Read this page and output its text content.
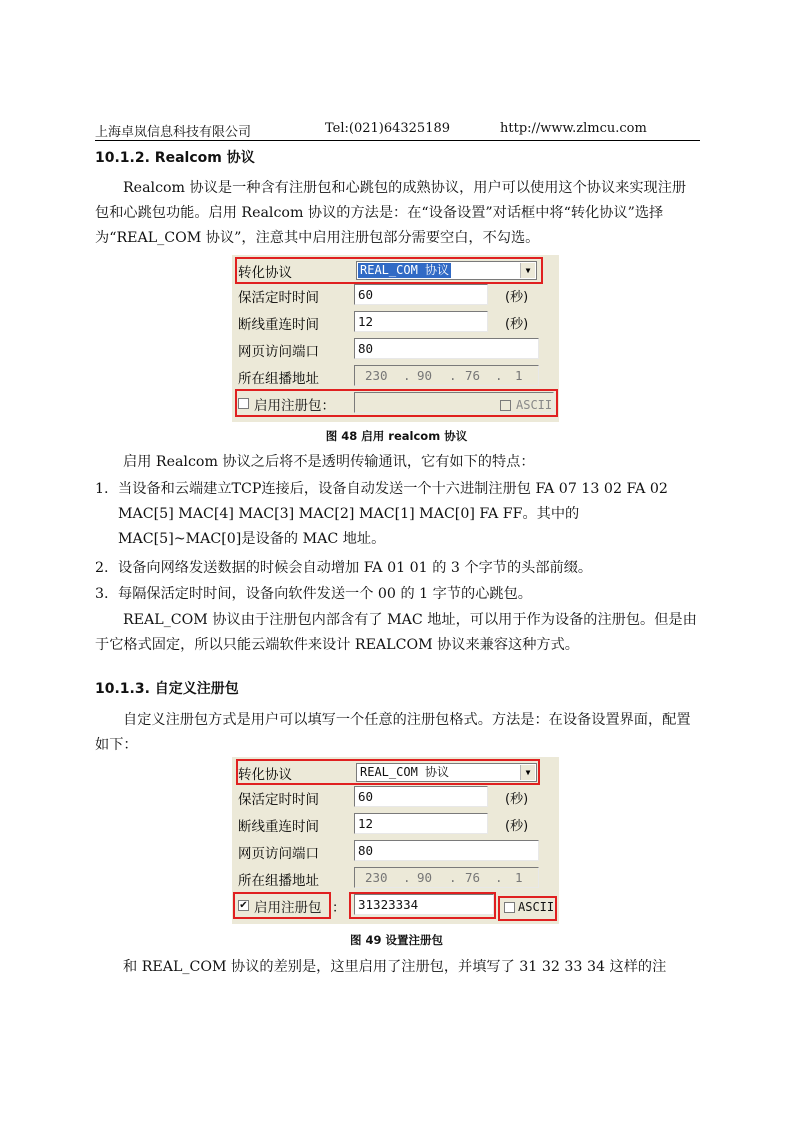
上海卓岚信息科技有限公司	Tel:(021)64325189	http://www.zlmcu.com
10.1.2. Realcom 协议
Realcom 协议是一种含有注册包和心跳包的成熟协议，用户可以使用这个协议来实现注册包和心跳包功能。启用 Realcom 协议的方法是：在“设备设置”对话框中将“转化协议”选择为“REAL_COM 协议”，注意其中启用注册包部分需要空白，不勾选。
转化协议	REAL_COM 协议	▼
保活定时时间	60	(秒)
断线重连时间	12	(秒)
网页访问端口	80
所在组播地址	230 . 90 . 76 . 1
启用注册包：	ASCII
图 48 启用 realcom 协议
启用 Realcom 协议之后将不是透明传输通讯，它有如下的特点：
1. 当设备和云端建立TCP连接后，设备自动发送一个十六进制注册包 FA 07 13 02 FA 02 MAC[5] MAC[4] MAC[3] MAC[2] MAC[1] MAC[0] FA FF。其中的 MAC[5]~MAC[0]是设备的 MAC 地址。
2. 设备向网络发送数据的时候会自动增加 FA 01 01 的 3 个字节的头部前缀。
3. 每隔保活定时时间，设备向软件发送一个 00 的 1 字节的心跳包。
REAL_COM 协议由于注册包内部含有了 MAC 地址，可以用于作为设备的注册包。但是由于它格式固定，所以只能云端软件来设计 REALCOM 协议来兼容这种方式。
10.1.3. 自定义注册包
自定义注册包方式是用户可以填写一个任意的注册包格式。方法是：在设备设置界面，配置如下：
转化协议	REAL_COM 协议	▼
保活定时时间	60	(秒)
断线重连时间	12	(秒)
网页访问端口	80
所在组播地址	230 . 90 . 76 . 1
✔ 启用注册包 ：	31323334	ASCII
图 49 设置注册包
和 REAL_COM 协议的差别是，这里启用了注册包，并填写了 31 32 33 34 这样的注
